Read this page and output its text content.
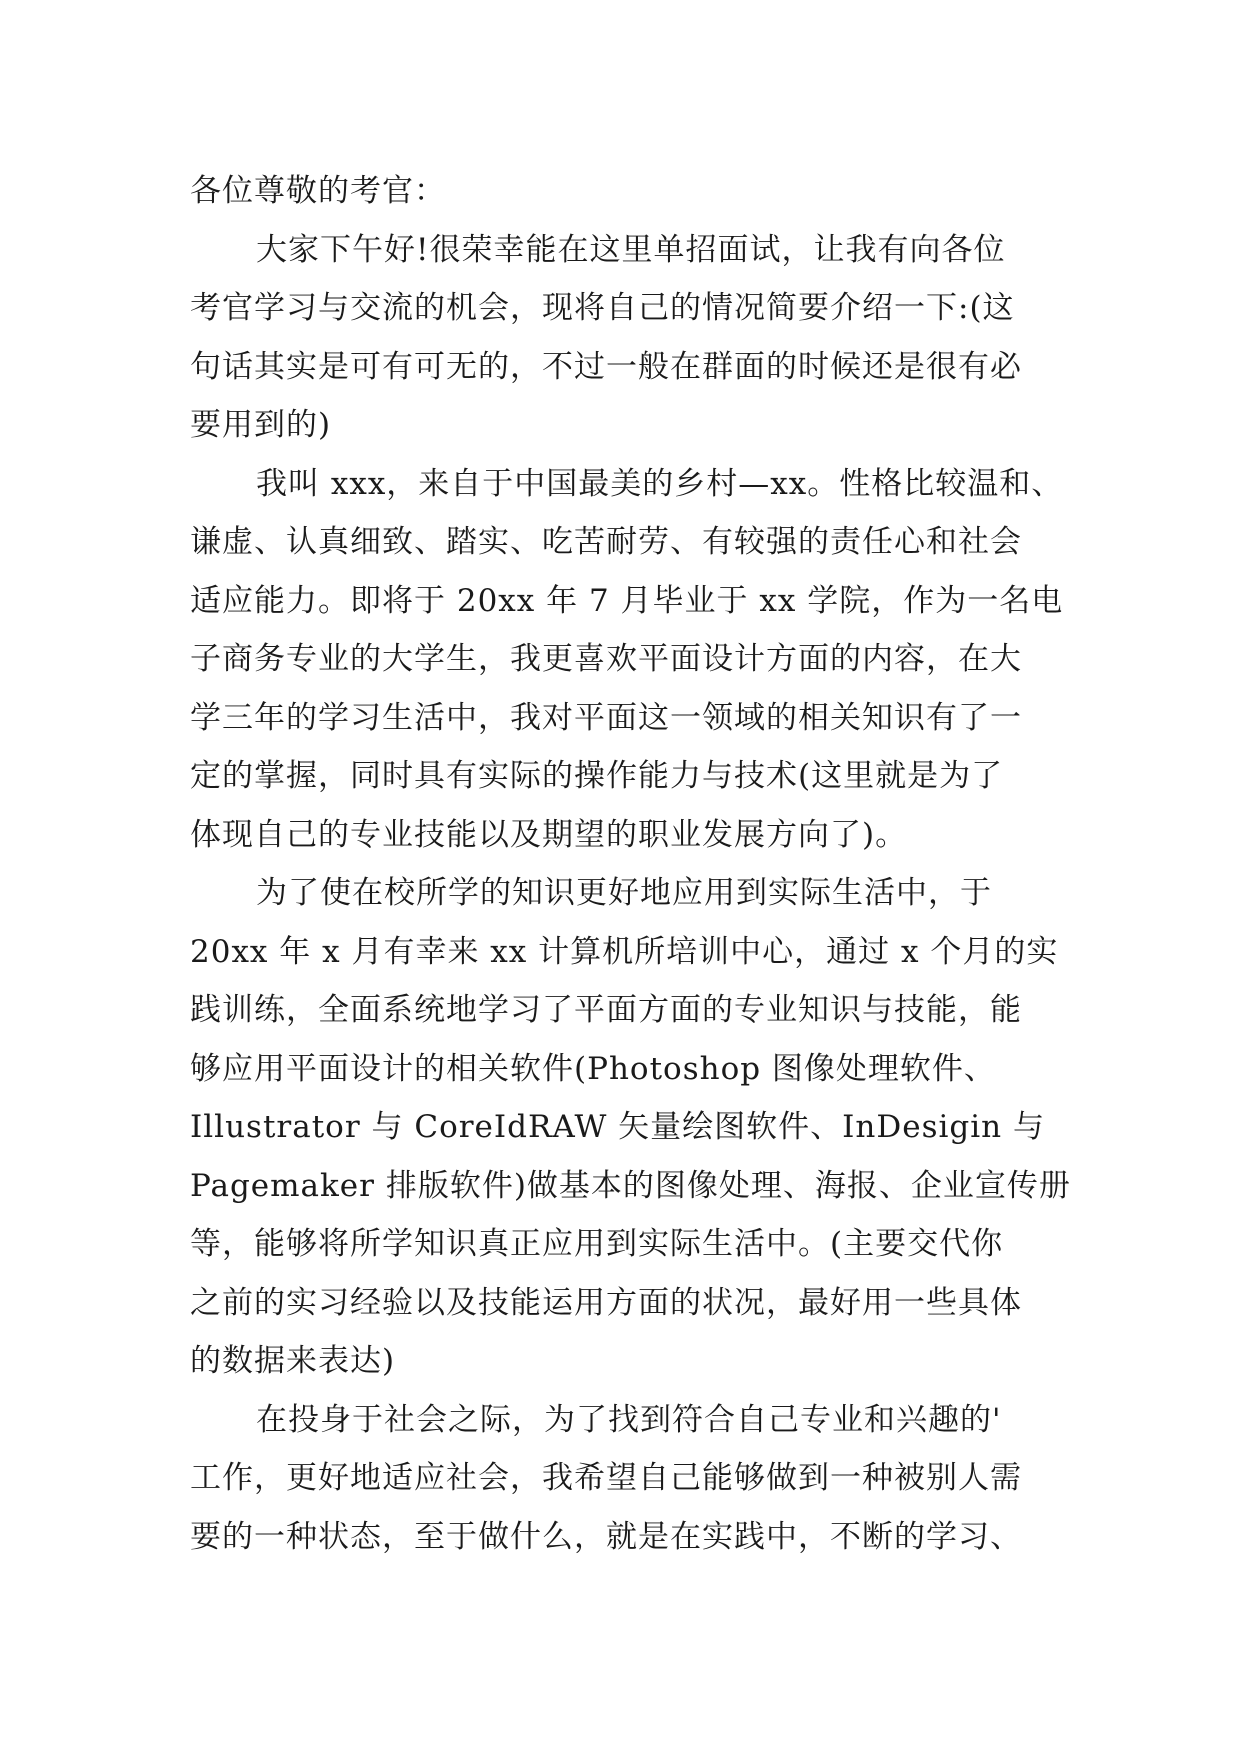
各位尊敬的考官：
大家下午好!很荣幸能在这里单招面试，让我有向各位
考官学习与交流的机会，现将自己的情况简要介绍一下:(这
句话其实是可有可无的，不过一般在群面的时候还是很有必
要用到的)
我叫 xxx，来自于中国最美的乡村—xx。性格比较温和、
谦虚、认真细致、踏实、吃苦耐劳、有较强的责任心和社会
适应能力。即将于 20xx 年 7 月毕业于 xx 学院，作为一名电
子商务专业的大学生，我更喜欢平面设计方面的内容，在大
学三年的学习生活中，我对平面这一领域的相关知识有了一
定的掌握，同时具有实际的操作能力与技术(这里就是为了
体现自己的专业技能以及期望的职业发展方向了)。
为了使在校所学的知识更好地应用到实际生活中，于
20xx 年 x 月有幸来 xx 计算机所培训中心，通过 x 个月的实
践训练，全面系统地学习了平面方面的专业知识与技能，能
够应用平面设计的相关软件(Photoshop 图像处理软件、
Illustrator 与 CoreIdRAW 矢量绘图软件、InDesigin 与
Pagemaker 排版软件)做基本的图像处理、海报、企业宣传册
等，能够将所学知识真正应用到实际生活中。(主要交代你
之前的实习经验以及技能运用方面的状况，最好用一些具体
的数据来表达)
在投身于社会之际，为了找到符合自己专业和兴趣的'
工作，更好地适应社会，我希望自己能够做到一种被别人需
要的一种状态，至于做什么，就是在实践中，不断的学习、
